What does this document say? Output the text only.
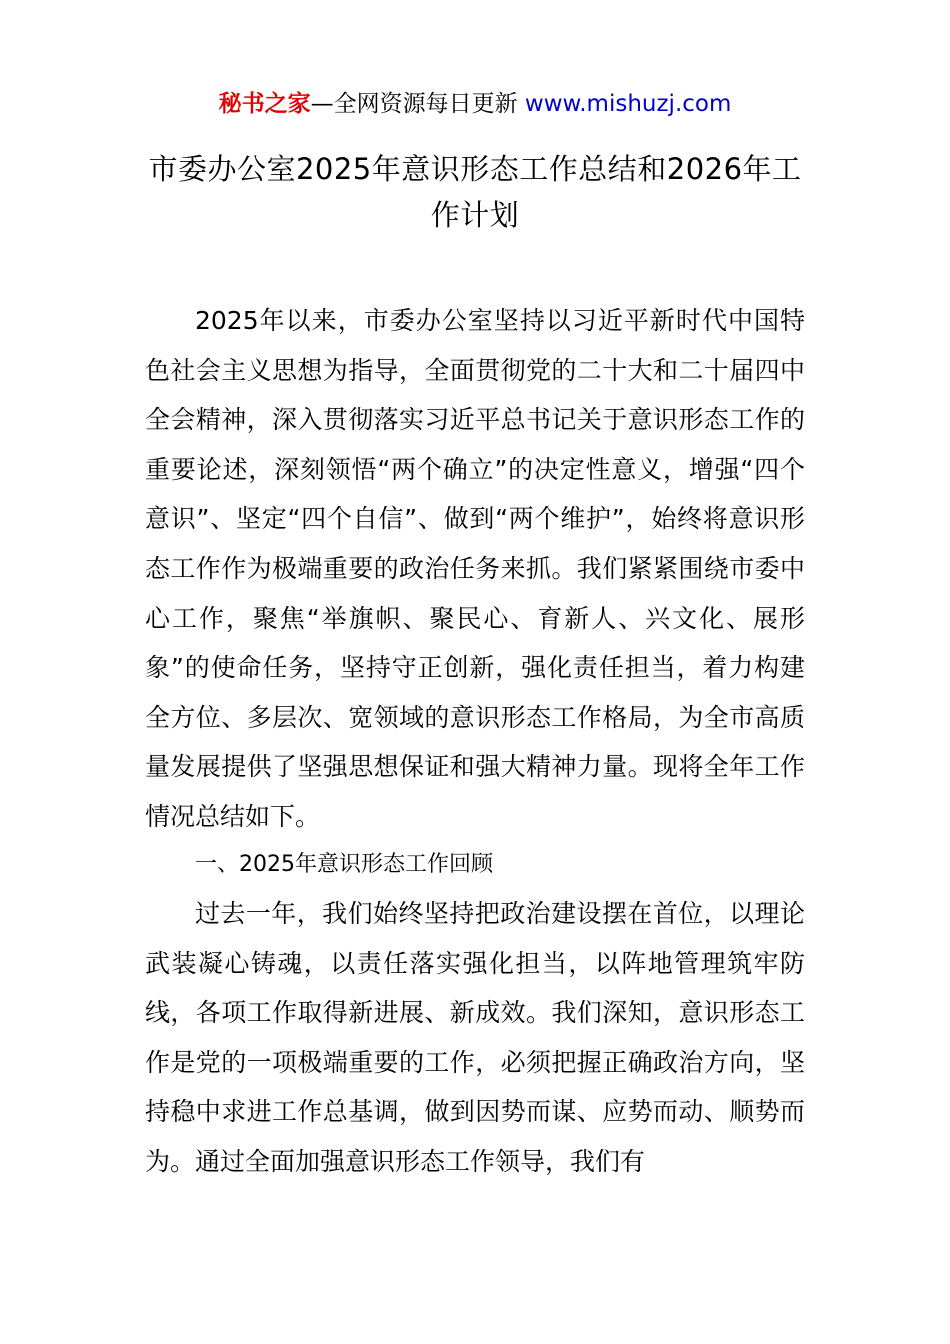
秘书之家—全网资源每日更新 www.mishuzj.com
市委办公室2025年意识形态工作总结和2026年工作计划

2025年以来，市委办公室坚持以习近平新时代中国特色社会主义思想为指导，全面贯彻党的二十大和二十届四中全会精神，深入贯彻落实习近平总书记关于意识形态工作的重要论述，深刻领悟“两个确立”的决定性意义，增强“四个意识”、坚定“四个自信”、做到“两个维护”，始终将意识形态工作作为极端重要的政治任务来抓。我们紧紧围绕市委中心工作，聚焦“举旗帜、聚民心、育新人、兴文化、展形象”的使命任务，坚持守正创新，强化责任担当，着力构建全方位、多层次、宽领域的意识形态工作格局，为全市高质量发展提供了坚强思想保证和强大精神力量。现将全年工作情况总结如下。

一、2025年意识形态工作回顾

过去一年，我们始终坚持把政治建设摆在首位，以理论武装凝心铸魂，以责任落实强化担当，以阵地管理筑牢防线，各项工作取得新进展、新成效。我们深知，意识形态工作是党的一项极端重要的工作，必须把握正确政治方向，坚持稳中求进工作总基调，做到因势而谋、应势而动、顺势而为。通过全面加强意识形态工作领导，我们有
